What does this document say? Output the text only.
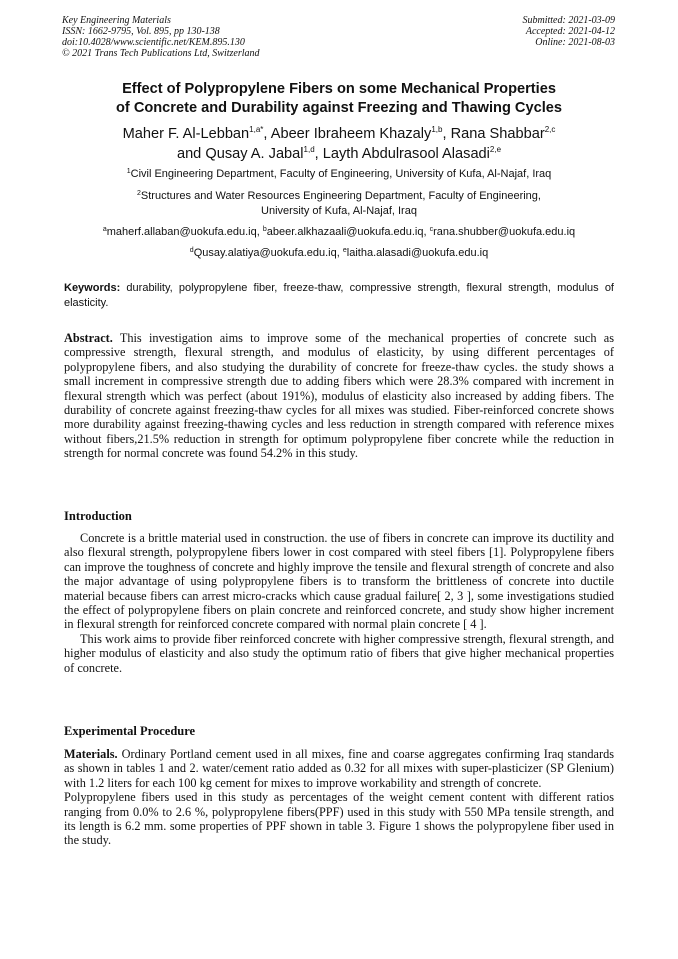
Key Engineering Materials
ISSN: 1662-9795, Vol. 895, pp 130-138
doi:10.4028/www.scientific.net/KEM.895.130
© 2021 Trans Tech Publications Ltd, Switzerland
Submitted: 2021-03-09
Accepted: 2021-04-12
Online: 2021-08-03
Effect of Polypropylene Fibers on some Mechanical Properties
of Concrete and Durability against Freezing and Thawing Cycles
Maher F. Al-Lebban$^{1,a*}$, Abeer Ibraheem Khazaly$^{1,b}$, Rana Shabbar$^{2,c}$
and Qusay A. Jabal$^{1,d}$, Layth Abdulrasool Alasadi$^{2,e}$
$^1$Civil Engineering Department, Faculty of Engineering, University of Kufa, Al-Najaf, Iraq
$^2$Structures and Water Resources Engineering Department, Faculty of Engineering,
University of Kufa, Al-Najaf, Iraq
$^a$maherf.allaban@uokufa.edu.iq, $^b$abeer.alkhazaali@uokufa.edu.iq, $^c$rana.shubber@uokufa.edu.iq
$^d$Qusay.alatiya@uokufa.edu.iq, $^e$laitha.alasadi@uokufa.edu.iq
Keywords: durability, polypropylene fiber, freeze-thaw, compressive strength, flexural strength, modulus of elasticity.

Abstract. This investigation aims to improve some of the mechanical properties of concrete such as compressive strength, flexural strength, and modulus of elasticity, by using different percentages of polypropylene fibers, and also studying the durability of concrete for freeze-thaw cycles. the study shows a small increment in compressive strength due to adding fibers which were 28.3% compared with increment in flexural strength which was perfect (about 191%), modulus of elasticity also increased by adding fibers. The durability of concrete against freezing-thaw cycles for all mixes was studied. Fiber-reinforced concrete shows more durability against freezing-thawing cycles and less reduction in strength compared with reference mixes without fibers,21.5% reduction in strength for optimum polypropylene fiber concrete while the reduction in strength for normal concrete was found 54.2% in this study.

Introduction

Concrete is a brittle material used in construction. the use of fibers in concrete can improve its ductility and also flexural strength, polypropylene fibers lower in cost compared with steel fibers [1]. Polypropylene fibers can improve the toughness of concrete and highly improve the tensile and flexural strength of concrete and also the major advantage of using polypropylene fibers is to transform the brittleness of concrete into ductile material because fibers can arrest micro-cracks which cause gradual failure[ 2, 3 ], some investigations studied the effect of polypropylene fibers on plain concrete and reinforced concrete, and study show higher increment in flexural strength for reinforced concrete compared with normal plain concrete [ 4 ].

This work aims to provide fiber reinforced concrete with higher compressive strength, flexural strength, and higher modulus of elasticity and also study the optimum ratio of fibers that give higher mechanical properties of concrete.

Experimental Procedure

Materials. Ordinary Portland cement used in all mixes, fine and coarse aggregates confirming Iraq standards as shown in tables 1 and 2. water/cement ratio added as 0.32 for all mixes with super-plasticizer (SP Glenium) with 1.2 liters for each 100 kg cement for mixes to improve workability and strength of concrete.

Polypropylene fibers used in this study as percentages of the weight cement content with different ratios ranging from 0.0% to 2.6 %, polypropylene fibers(PPF) used in this study with 550 MPa tensile strength, and its length is 6.2 mm. some properties of PPF shown in table 3. Figure 1 shows the polypropylene fiber used in the study.
